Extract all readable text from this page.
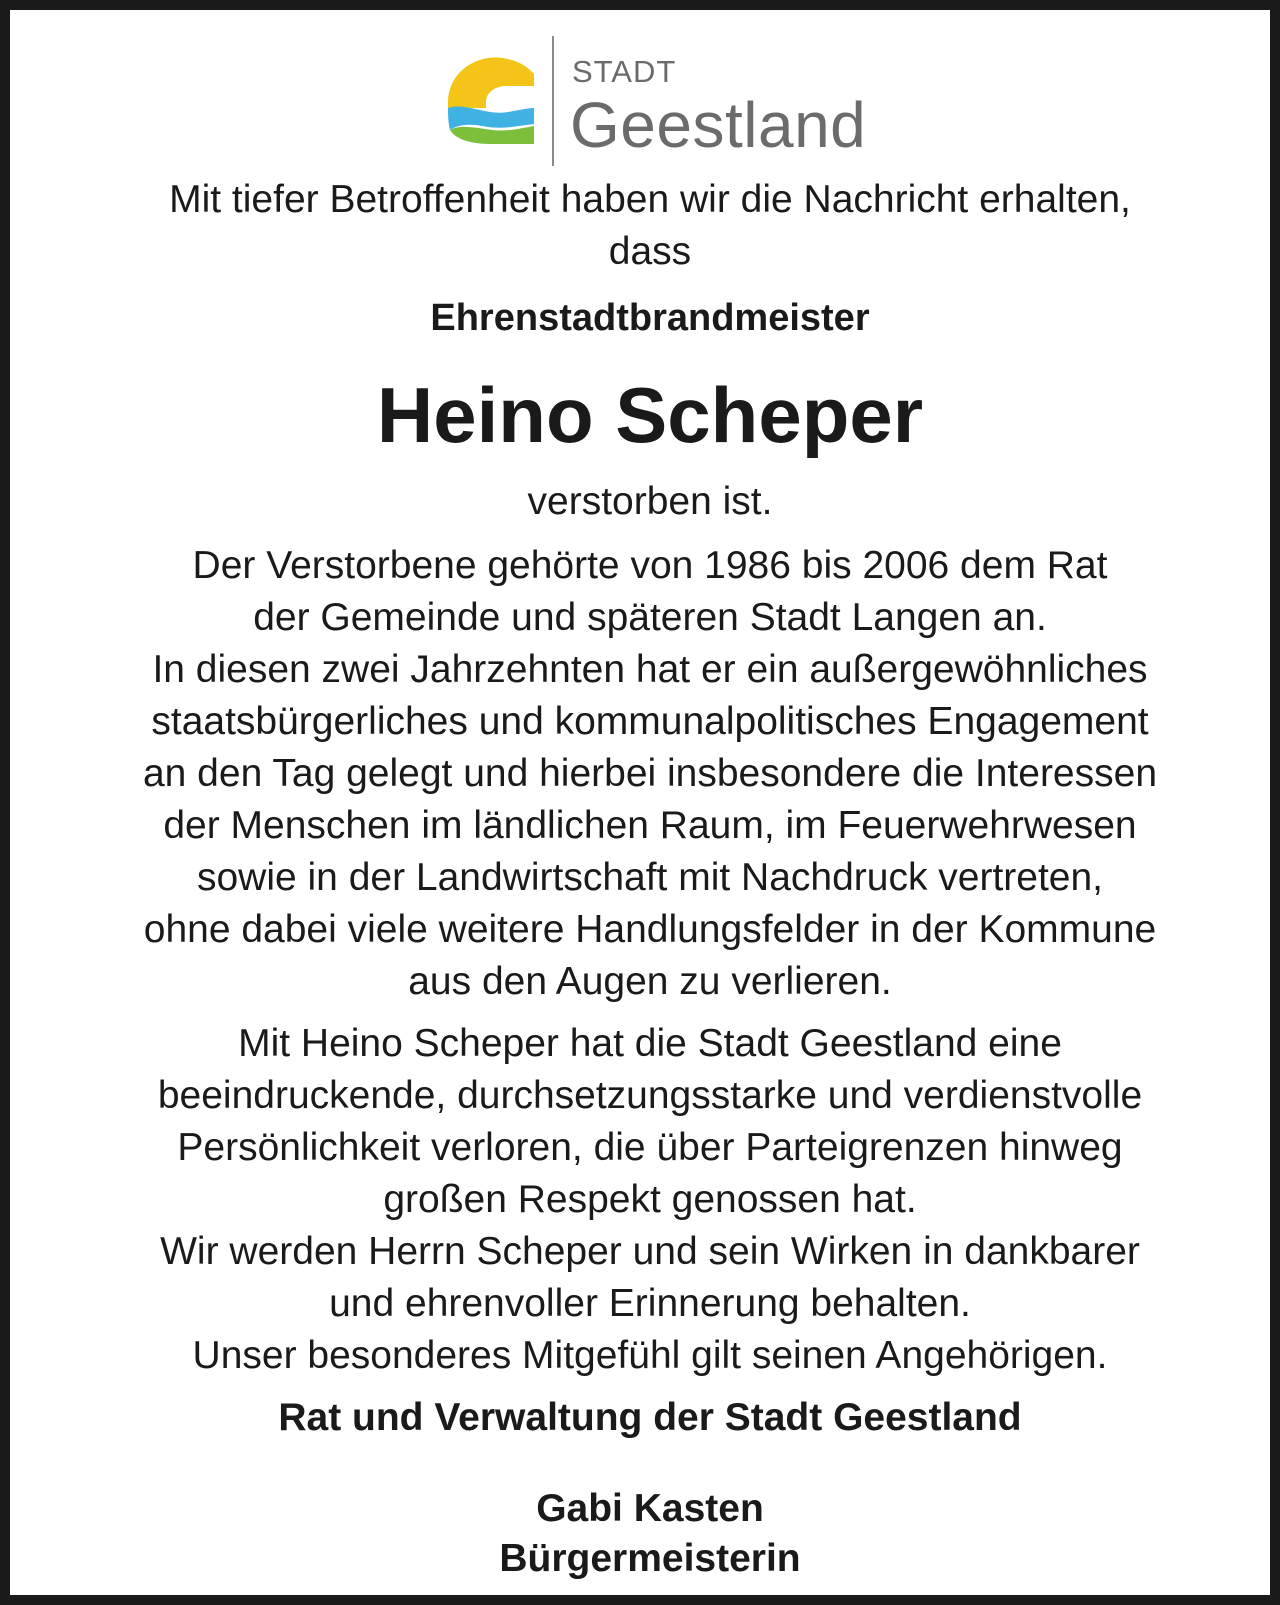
STADT
Geestland

Mit tiefer Betroffenheit haben wir die Nachricht erhalten,

dass

Ehrenstadtbrandmeister

Heino Scheper

verstorben ist.

Der Verstorbene gehörte von 1986 bis 2006 dem Rat
der Gemeinde und späteren Stadt Langen an.
In diesen zwei Jahrzehnten hat er ein außergewöhnliches
staatsbürgerliches und kommunalpolitisches Engagement
an den Tag gelegt und hierbei insbesondere die Interessen
der Menschen im ländlichen Raum, im Feuerwehrwesen
sowie in der Landwirtschaft mit Nachdruck vertreten,
ohne dabei viele weitere Handlungsfelder in der Kommune
aus den Augen zu verlieren.
Mit Heino Scheper hat die Stadt Geestland eine
beeindruckende, durchsetzungsstarke und verdienstvolle
Persönlichkeit verloren, die über Parteigrenzen hinweg
großen Respekt genossen hat.
Wir werden Herrn Scheper und sein Wirken in dankbarer
und ehrenvoller Erinnerung behalten.
Unser besonderes Mitgefühl gilt seinen Angehörigen.

Rat und Verwaltung der Stadt Geestland

Gabi Kasten

Bürgermeisterin
